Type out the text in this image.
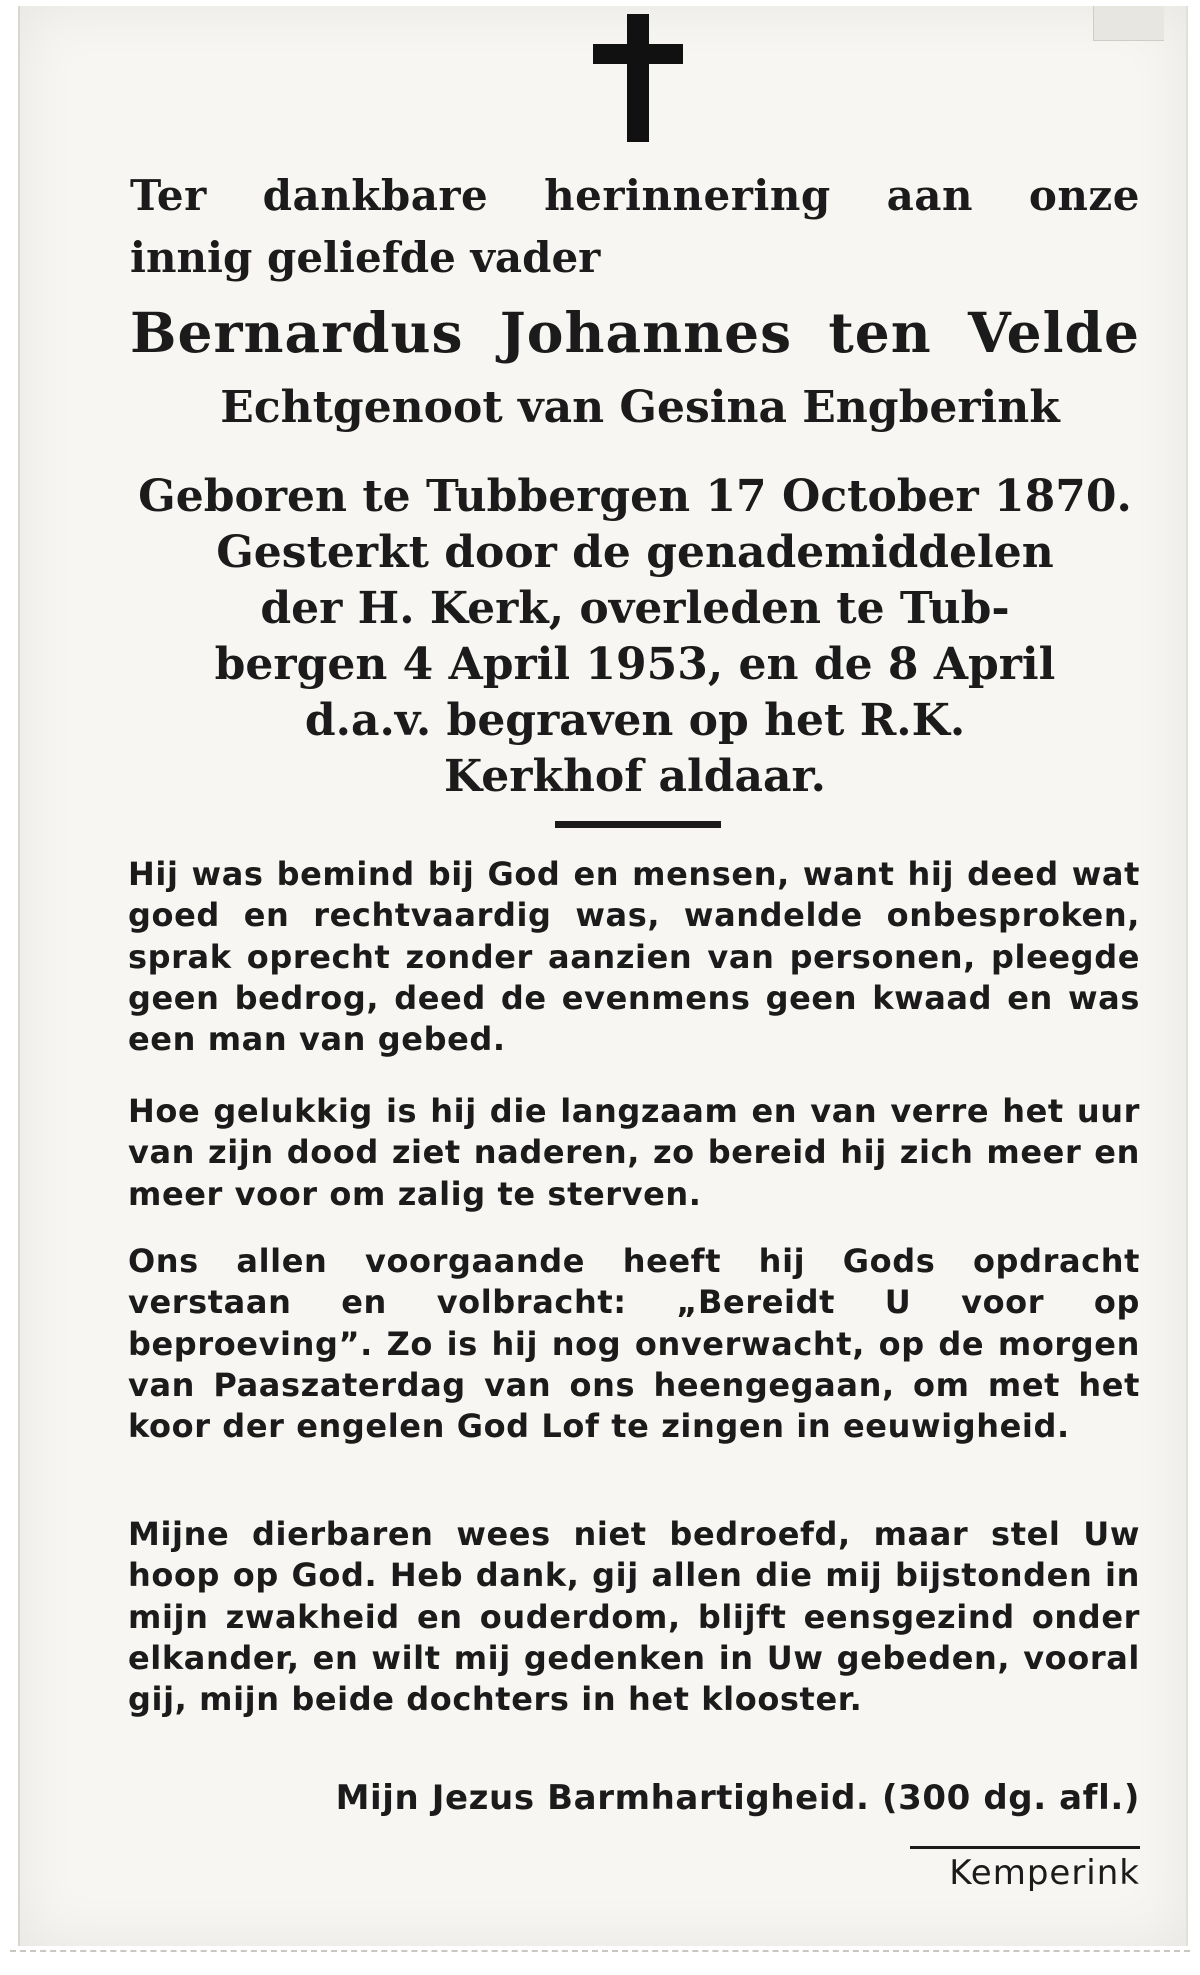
Ter dankbare herinnering aan onze
innig geliefde vader
Bernardus Johannes ten Velde
Echtgenoot van Gesina Engberink
Geboren te Tubbergen 17 October 1870.
Gesterkt door de genademiddelen
der H. Kerk, overleden te Tub-
bergen 4 April 1953, en de 8 April
d.a.v. begraven op het R.K.
Kerkhof aldaar.
Hij was bemind bij God en mensen, want hij deed wat goed en rechtvaardig was, wandelde onbesproken, sprak oprecht zonder aanzien van personen, pleegde geen bedrog, deed de evenmens geen kwaad en was een man van gebed.
Hoe gelukkig is hij die langzaam en van verre het uur van zijn dood ziet naderen, zo bereid hij zich meer en meer voor om zalig te sterven.
Ons allen voorgaande heeft hij Gods opdracht verstaan en volbracht: „Bereidt U voor op beproeving”. Zo is hij nog onverwacht, op de morgen van Paaszaterdag van ons heengegaan, om met het koor der engelen God Lof te zingen in eeuwigheid.
Mijne dierbaren wees niet bedroefd, maar stel Uw hoop op God. Heb dank, gij allen die mij bijstonden in mijn zwakheid en ouderdom, blijft eensgezind onder elkander, en wilt mij gedenken in Uw gebeden, vooral gij, mijn beide dochters in het klooster.
Mijn Jezus Barmhartigheid. (300 dg. afl.)
Kemperink
